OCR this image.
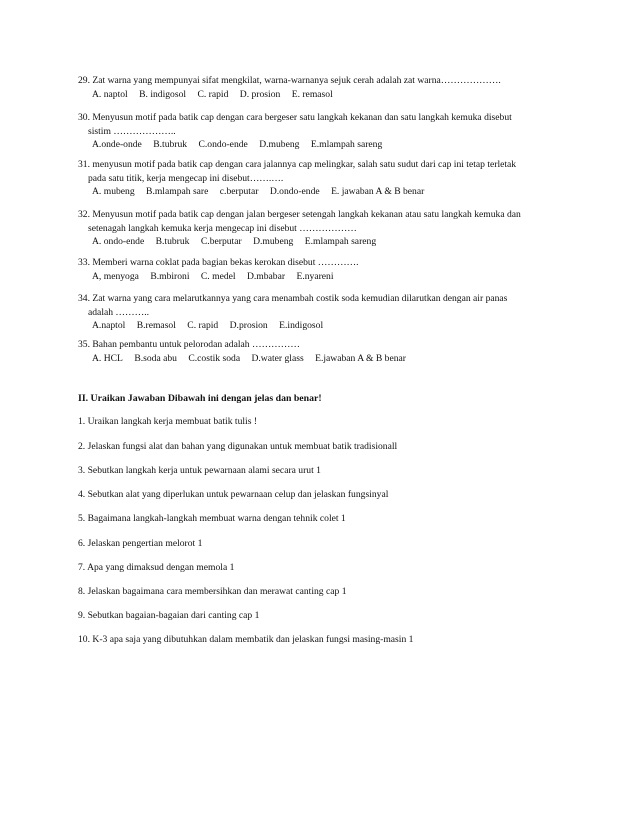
29. Zat warna yang mempunyai sifat mengkilat, warna-warnanya sejuk cerah adalah zat warna……………….
A. naptol B. indigosol C. rapid D. prosion E. remasol
30. Menyusun motif pada batik cap dengan cara bergeser satu langkah kekanan dan satu langkah kemuka disebut
sistim ………………..
A.onde-onde B.tubruk C.ondo-ende D.mubeng E.mlampah sareng
31. menyusun motif pada batik cap dengan cara jalannya cap melingkar, salah satu sudut dari cap ini tetap terletak
pada satu titik, kerja mengecap ini disebut…….….
A. mubeng B.mlampah sare c.berputar D.ondo-ende E. jawaban A & B benar
32. Menyusun motif pada batik cap dengan jalan bergeser setengah langkah kekanan atau satu langkah kemuka dan
setenagah langkah kemuka kerja mengecap ini disebut ………………
A. ondo-ende B.tubruk C.berputar D.mubeng E.mlampah sareng
33. Memberi warna coklat pada bagian bekas kerokan disebut ………….
A, menyoga B.mbironi C. medel D.mbabar E.nyareni
34. Zat warna yang cara melarutkannya yang cara menambah costik soda kemudian dilarutkan dengan air panas
adalah ………..
A.naptol B.remasol C. rapid D.prosion E.indigosol
35. Bahan pembantu untuk pelorodan adalah ……………
A. HCL B.soda abu C.costik soda D.water glass E.jawaban A & B benar
II. Uraikan Jawaban Dibawah ini dengan jelas dan benar!
1. Uraikan langkah kerja membuat batik tulis !
2. Jelaskan fungsi alat dan bahan yang digunakan untuk membuat batik tradisionall
3. Sebutkan langkah kerja untuk pewarnaan alami secara urut 1
4. Sebutkan alat yang diperlukan untuk pewarnaan celup dan jelaskan fungsinyal
5. Bagaimana langkah-langkah membuat warna dengan tehnik colet 1
6. Jelaskan pengertian melorot 1
7. Apa yang dimaksud dengan memola 1
8. Jelaskan bagaimana cara membersihkan dan merawat canting cap 1
9. Sebutkan bagaian-bagaian dari canting cap 1
10. K-3 apa saja yang dibutuhkan dalam membatik dan jelaskan fungsi masing-masin 1
